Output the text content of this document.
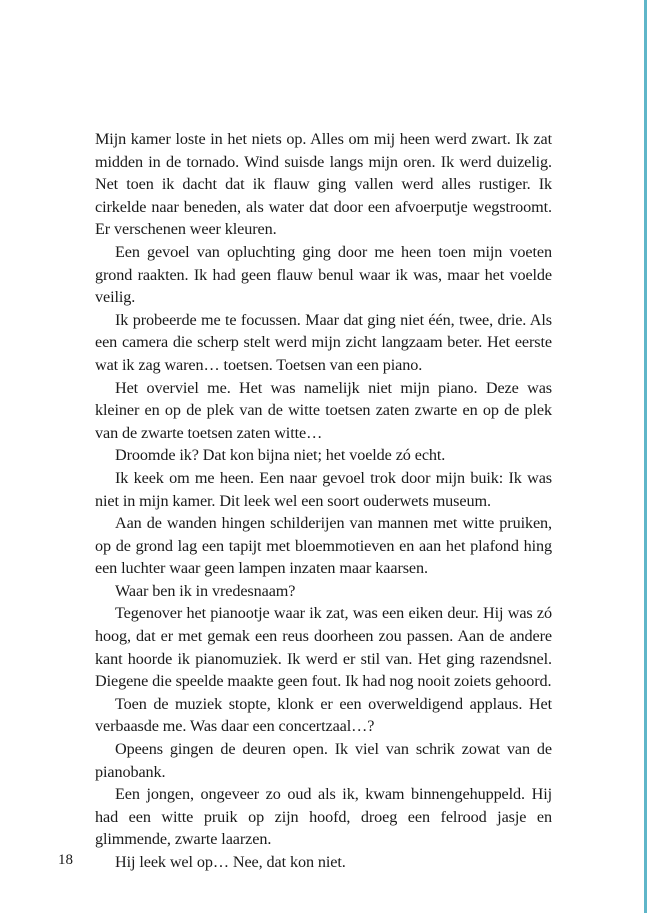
Mijn kamer loste in het niets op. Alles om mij heen werd zwart. Ik zat midden in de tornado. Wind suisde langs mijn oren. Ik werd duizelig. Net toen ik dacht dat ik flauw ging vallen werd alles rustiger. Ik cirkelde naar beneden, als water dat door een afvoerputje wegstroomt. Er verschenen weer kleuren.

Een gevoel van opluchting ging door me heen toen mijn voeten grond raakten. Ik had geen flauw benul waar ik was, maar het voelde veilig.

Ik probeerde me te focussen. Maar dat ging niet één, twee, drie. Als een camera die scherp stelt werd mijn zicht langzaam beter. Het eerste wat ik zag waren… toetsen. Toetsen van een piano.

Het overviel me. Het was namelijk niet mijn piano. Deze was kleiner en op de plek van de witte toetsen zaten zwarte en op de plek van de zwarte toetsen zaten witte…

Droomde ik? Dat kon bijna niet; het voelde zó echt.

Ik keek om me heen. Een naar gevoel trok door mijn buik: Ik was niet in mijn kamer. Dit leek wel een soort ouderwets museum.

Aan de wanden hingen schilderijen van mannen met witte pruiken, op de grond lag een tapijt met bloemmotieven en aan het plafond hing een luchter waar geen lampen inzaten maar kaarsen.

Waar ben ik in vredesnaam?

Tegenover het pianootje waar ik zat, was een eiken deur. Hij was zó hoog, dat er met gemak een reus doorheen zou passen. Aan de andere kant hoorde ik pianomuziek. Ik werd er stil van. Het ging razendsnel. Diegene die speelde maakte geen fout. Ik had nog nooit zoiets gehoord.

Toen de muziek stopte, klonk er een overweldigend applaus. Het verbaasde me. Was daar een concertzaal…?

Opeens gingen de deuren open. Ik viel van schrik zowat van de pianobank.

Een jongen, ongeveer zo oud als ik, kwam binnengehuppeld. Hij had een witte pruik op zijn hoofd, droeg een felrood jasje en glimmende, zwarte laarzen.

Hij leek wel op… Nee, dat kon niet.

18
